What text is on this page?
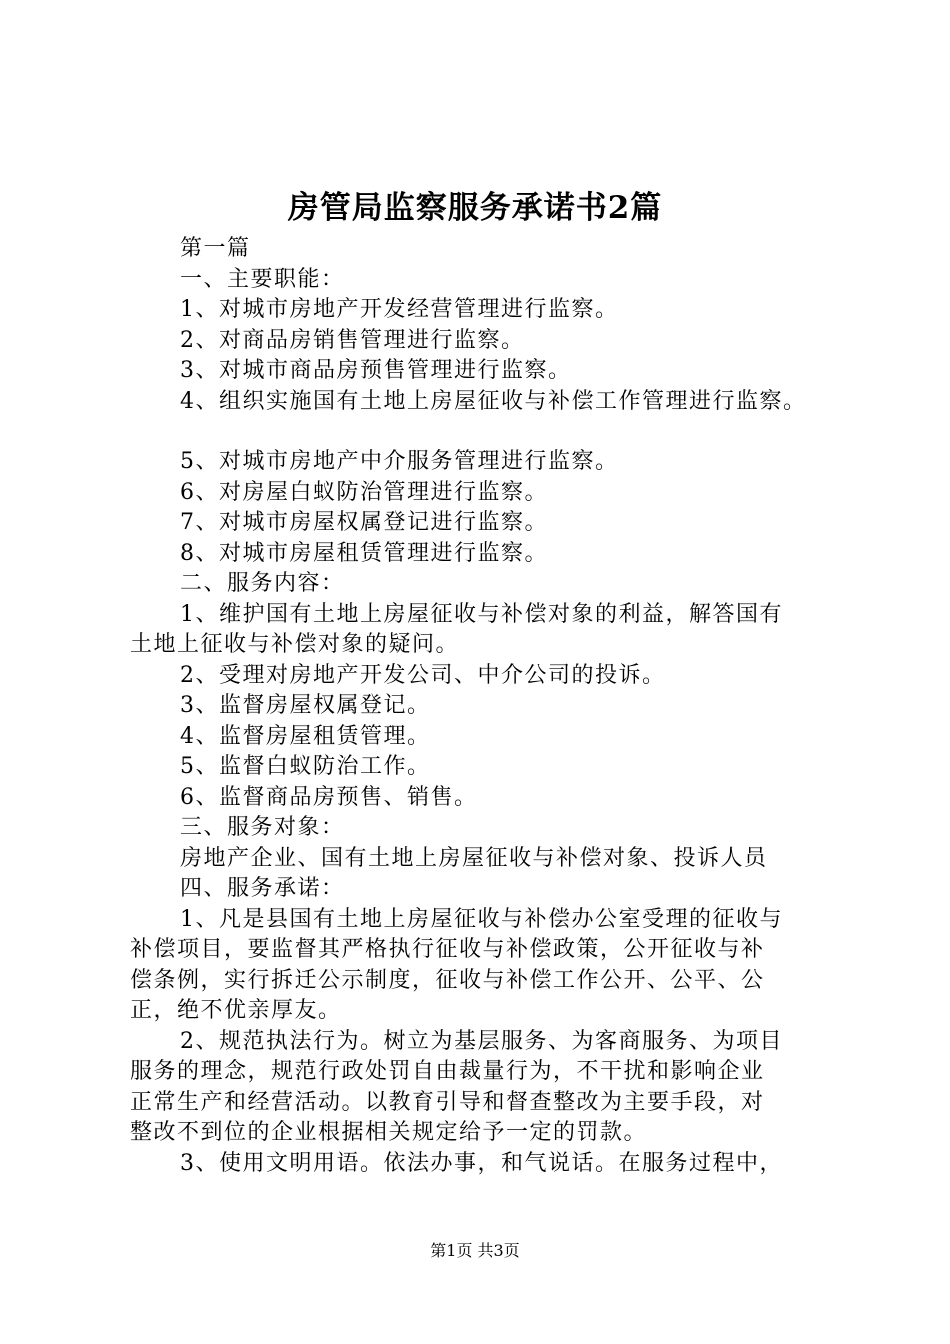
房管局监察服务承诺书2篇
第一篇
一、主要职能：
1、对城市房地产开发经营管理进行监察。
2、对商品房销售管理进行监察。
3、对城市商品房预售管理进行监察。
4、组织实施国有土地上房屋征收与补偿工作管理进行监察。
5、对城市房地产中介服务管理进行监察。
6、对房屋白蚁防治管理进行监察。
7、对城市房屋权属登记进行监察。
8、对城市房屋租赁管理进行监察。
二、服务内容：
1、维护国有土地上房屋征收与补偿对象的利益，解答国有
土地上征收与补偿对象的疑问。
2、受理对房地产开发公司、中介公司的投诉。
3、监督房屋权属登记。
4、监督房屋租赁管理。
5、监督白蚁防治工作。
6、监督商品房预售、销售。
三、服务对象：
房地产企业、国有土地上房屋征收与补偿对象、投诉人员
四、服务承诺：
1、凡是县国有土地上房屋征收与补偿办公室受理的征收与
补偿项目，要监督其严格执行征收与补偿政策，公开征收与补
偿条例，实行拆迁公示制度，征收与补偿工作公开、公平、公
正，绝不优亲厚友。
2、规范执法行为。树立为基层服务、为客商服务、为项目
服务的理念，规范行政处罚自由裁量行为，不干扰和影响企业
正常生产和经营活动。以教育引导和督查整改为主要手段，对
整改不到位的企业根据相关规定给予一定的罚款。
3、使用文明用语。依法办事，和气说话。在服务过程中，
第1页 共3页
